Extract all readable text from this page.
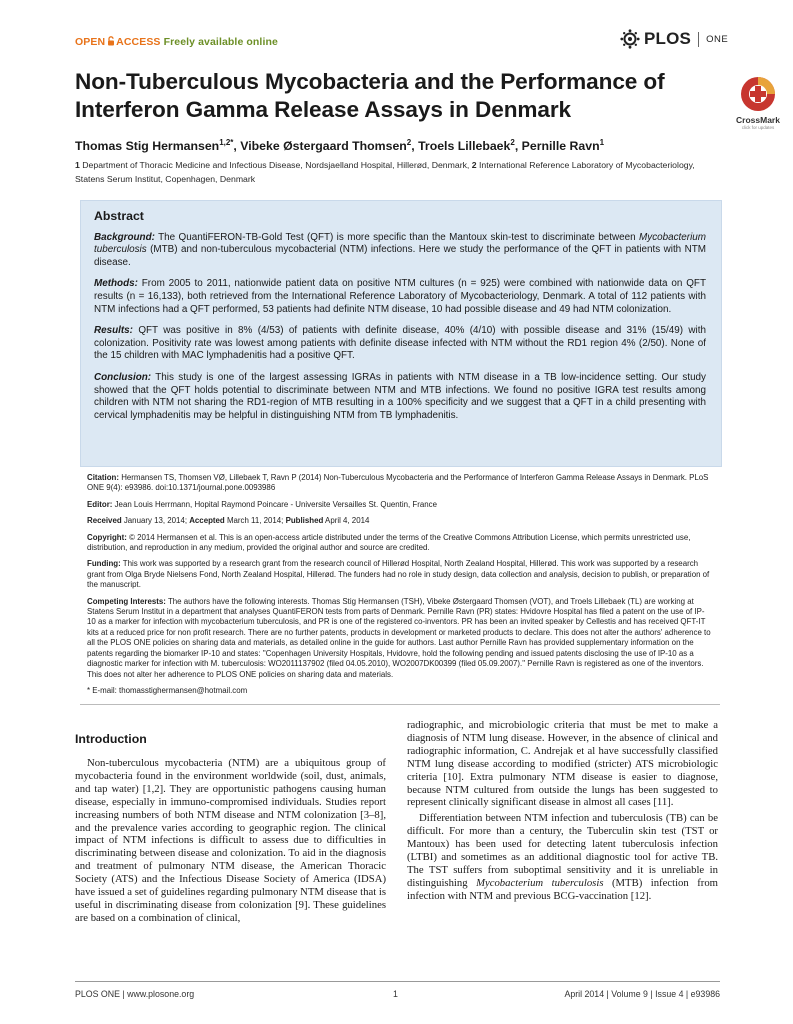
OPEN ACCESS Freely available online	PLOS ONE
Non-Tuberculous Mycobacteria and the Performance of Interferon Gamma Release Assays in Denmark	CrossMark
click for updates
Thomas Stig Hermansen$^{1,2*}$, Vibeke Østergaard Thomsen$^2$, Troels Lillebaek$^2$, Pernille Ravn$^1$
1 Department of Thoracic Medicine and Infectious Disease, Nordsjaelland Hospital, Hillerød, Denmark, 2 International Reference Laboratory of Mycobacteriology, Statens Serum Institut, Copenhagen, Denmark
Abstract

Background: The QuantiFERON-TB-Gold Test (QFT) is more specific than the Mantoux skin-test to discriminate between Mycobacterium tuberculosis (MTB) and non-tuberculous mycobacterial (NTM) infections. Here we study the performance of the QFT in patients with NTM disease.

Methods: From 2005 to 2011, nationwide patient data on positive NTM cultures (n = 925) were combined with nationwide data on QFT results (n = 16,133), both retrieved from the International Reference Laboratory of Mycobacteriology, Denmark. A total of 112 patients with NTM infections had a QFT performed, 53 patients had definite NTM disease, 10 had possible disease and 49 had NTM colonization.

Results: QFT was positive in 8% (4/53) of patients with definite disease, 40% (4/10) with possible disease and 31% (15/49) with colonization. Positivity rate was lowest among patients with definite disease infected with NTM without the RD1 region 4% (2/50). None of the 15 children with MAC lymphadenitis had a positive QFT.

Conclusion: This study is one of the largest assessing IGRAs in patients with NTM disease in a TB low-incidence setting. Our study showed that the QFT holds potential to discriminate between NTM and MTB infections. We found no positive IGRA test results among children with NTM not sharing the RD1-region of MTB resulting in a 100% specificity and we suggest that a QFT in a child presenting with cervical lymphadenitis may be helpful in distinguishing NTM from TB lymphadenitis.

Citation: Hermansen TS, Thomsen VØ, Lillebaek T, Ravn P (2014) Non-Tuberculous Mycobacteria and the Performance of Interferon Gamma Release Assays in Denmark. PLoS ONE 9(4): e93986. doi:10.1371/journal.pone.0093986

Editor: Jean Louis Herrmann, Hopital Raymond Poincare - Universite Versailles St. Quentin, France

Received January 13, 2014; Accepted March 11, 2014; Published April 4, 2014

Copyright: © 2014 Hermansen et al. This is an open-access article distributed under the terms of the Creative Commons Attribution License, which permits unrestricted use, distribution, and reproduction in any medium, provided the original author and source are credited.

Funding: This work was supported by a research grant from the research council of Hillerød Hospital, North Zealand Hospital, Hillerød. This work was supported by a research grant from Olga Bryde Nielsens Fond, North Zealand Hospital, Hillerød. The funders had no role in study design, data collection and analysis, decision to publish, or preparation of the manuscript.

Competing Interests: The authors have the following interests. Thomas Stig Hermansen (TSH), Vibeke Østergaard Thomsen (VOT), and Troels Lillebaek (TL) are working at Statens Serum Institut in a department that analyses QuantiFERON tests from parts of Denmark. Pernille Ravn (PR) states: Hvidovre Hospital has filed a patent on the use of IP-10 as a marker for infection with mycobacterium tuberculosis, and PR is one of the registered co-inventors. PR has been an invited speaker by Cellestis and has received QFT-IT kits at a reduced price for non profit research. There are no further patents, products in development or marketed products to declare. This does not alter the authors' adherence to all the PLOS ONE policies on sharing data and materials, as detailed online in the guide for authors. Last author Pernille Ravn has provided supplementary information on the patents regarding the biomarker IP-10 and states: "Copenhagen University Hospitals, Hvidovre, hold the following pending and issued patents disclosing the use of IP-10 as a diagnostic marker for infection with M. tuberculosis: WO2011137902 (filed 04.05.2010), WO2007DK00399 (filed 05.09.2007)." Pernille Ravn is registered as one of the inventors. This does not alter her adherence to PLOS ONE policies on sharing data and materials.

* E-mail: thomasstighermansen@hotmail.com

Introduction

Non-tuberculous mycobacteria (NTM) are a ubiquitous group of mycobacteria found in the environment worldwide (soil, dust, animals, and tap water) [1,2]. They are opportunistic pathogens causing human disease, especially in immuno-compromised individuals. Studies report increasing numbers of both NTM disease and NTM colonization [3–8], and the prevalence varies according to geographic region. The clinical impact of NTM infections is difficult to assess due to difficulties in discriminating between disease and colonization. To aid in the diagnosis and treatment of pulmonary NTM disease, the American Thoracic Society (ATS) and the Infectious Disease Society of America (IDSA) have issued a set of guidelines regarding pulmonary NTM disease that is useful in discriminating disease from colonization [9]. These guidelines are based on a combination of clinical,

radiographic, and microbiologic criteria that must be met to make a diagnosis of NTM lung disease. However, in the absence of clinical and radiographic information, C. Andrejak et al have successfully classified NTM lung disease according to modified (stricter) ATS microbiologic criteria [10]. Extra pulmonary NTM disease is easier to diagnose, because NTM cultured from outside the lungs has been suggested to represent clinically significant disease in almost all cases [11].

Differentiation between NTM infection and tuberculosis (TB) can be difficult. For more than a century, the Tuberculin skin test (TST or Mantoux) has been used for detecting latent tuberculosis infection (LTBI) and sometimes as an additional diagnostic tool for active TB. The TST suffers from suboptimal sensitivity and it is unreliable in distinguishing Mycobacterium tuberculosis (MTB) infection from infection with NTM and previous BCG-vaccination [12].

PLOS ONE | www.plosone.org	1	April 2014 | Volume 9 | Issue 4 | e93986
